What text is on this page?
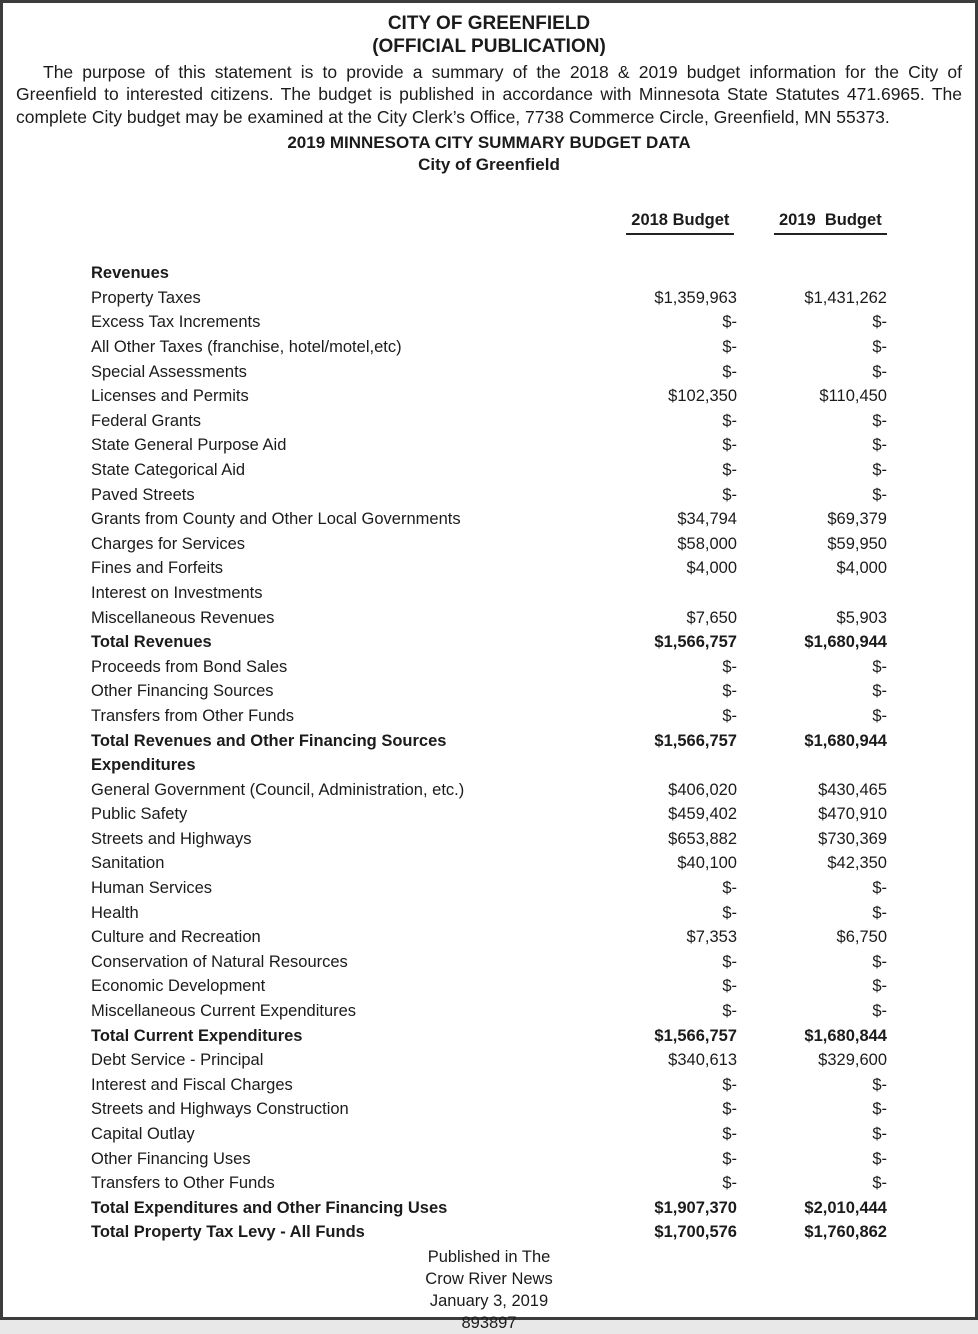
CITY OF GREENFIELD
(OFFICIAL PUBLICATION)

The purpose of this statement is to provide a summary of the 2018 & 2019 budget information for the City of Greenfield to interested citizens. The budget is published in accordance with Minnesota State Statutes 471.6965. The complete City budget may be examined at the City Clerk’s Office, 7738 Commerce Circle, Greenfield, MN 55373.

2019 MINNESOTA CITY SUMMARY BUDGET DATA
City of Greenfield

2018 Budget
	2019  Budget

Revenues
Property Taxes	$1,359,963	$1,431,262
Excess Tax Increments	$-	$-
All Other Taxes (franchise, hotel/motel,etc)	$-	$-
Special Assessments	$-	$-
Licenses and Permits	$102,350	$110,450
Federal Grants	$-	$-
State General Purpose Aid	$-	$-
State Categorical Aid	$-	$-
Paved Streets	$-	$-
Grants from County and Other Local Governments	$34,794	$69,379
Charges for Services	$58,000	$59,950
Fines and Forfeits	$4,000	$4,000
Interest on Investments
Miscellaneous Revenues	$7,650	$5,903
Total Revenues	$1,566,757	$1,680,944
Proceeds from Bond Sales	$-	$-
Other Financing Sources	$-	$-
Transfers from Other Funds	$-	$-
Total Revenues and Other Financing Sources	$1,566,757	$1,680,944
Expenditures
General Government (Council, Administration, etc.)	$406,020	$430,465
Public Safety	$459,402	$470,910
Streets and Highways	$653,882	$730,369
Sanitation	$40,100	$42,350
Human Services	$-	$-
Health	$-	$-
Culture and Recreation	$7,353	$6,750
Conservation of Natural Resources	$-	$-
Economic Development	$-	$-
Miscellaneous Current Expenditures	$-	$-
Total Current Expenditures	$1,566,757	$1,680,844
Debt Service - Principal	$340,613	$329,600
Interest and Fiscal Charges	$-	$-
Streets and Highways Construction	$-	$-
Capital Outlay	$-	$-
Other Financing Uses	$-	$-
Transfers to Other Funds	$-	$-
Total Expenditures and Other Financing Uses	$1,907,370	$2,010,444
Total Property Tax Levy - All Funds	$1,700,576	$1,760,862
Published in The
Crow River News
January 3, 2019
893897
